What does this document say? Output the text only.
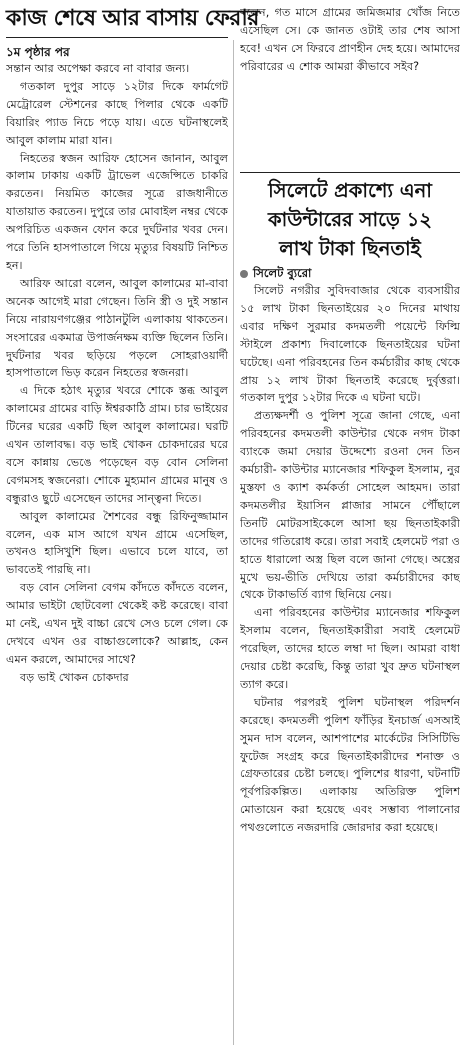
কাজ শেষে আর বাসায় ফেরার
১ম পৃষ্ঠার পর

সন্তান আর অপেক্ষা করবে না বাবার জন্য।

গতকাল দুপুর সাড়ে ১২টার দিকে ফার্মগেট মেট্রোরেল স্টেশনের কাছে পিলার থেকে একটি বিয়ারিং প্যাড নিচে পড়ে যায়। এতে ঘটনাস্থলেই আবুল কালাম মারা যান।

নিহতের স্বজন আরিফ হোসেন জানান, আবুল কালাম ঢাকায় একটি ট্রাভেল এজেন্সিতে চাকরি করতেন। নিয়মিত কাজের সূত্রে রাজধানীতে যাতায়াত করতেন। দুপুরে তার মোবাইল নম্বর থেকে অপরিচিত একজন ফোন করে দুর্ঘটনার খবর দেন। পরে তিনি হাসপাতালে গিয়ে মৃত্যুর বিষয়টি নিশ্চিত হন।

আরিফ আরো বলেন, আবুল কালামের মা-বাবা অনেক আগেই মারা গেছেন। তিনি স্ত্রী ও দুই সন্তান নিয়ে নারায়ণগঞ্জের পাঠানটুলি এলাকায় থাকতেন। সংসারের একমাত্র উপার্জনক্ষম ব্যক্তি ছিলেন তিনি। দুর্ঘটনার খবর ছড়িয়ে পড়লে সোহরাওয়ার্দী হাসপাতালে ভিড় করেন নিহতের স্বজনরা।

এ দিকে হঠাৎ মৃত্যুর খবরে শোকে স্তব্ধ আবুল কালামের গ্রামের বাড়ি ঈশ্বরকাঠি গ্রাম। চার ভাইয়ের টিনের ঘরের একটি ছিল আবুল কালামের। ঘরটি এখন তালাবদ্ধ। বড় ভাই খোকন চোকদারের ঘরে বসে কান্নায় ভেঙে পড়েছেন বড় বোন সেলিনা বেগমসহ স্বজনেরা। শোকে মুহ্যমান গ্রামের মানুষ ও বন্ধুরাও ছুটে এসেছেন তাদের সান্ত্বনা দিতে।

আবুল কালামের শৈশবের বন্ধু রিফিনুজ্জামান বলেন, এক মাস আগে যখন গ্রামে এসেছিল, তখনও হাসিখুশি ছিল। এভাবে চলে যাবে, তা ভাবতেই পারছি না।

বড় বোন সেলিনা বেগম কাঁদতে কাঁদতে বলেন, আমার ভাইটা ছোটবেলা থেকেই কষ্ট করেছে। বাবা মা নেই, এখন দুই বাচ্চা রেখে সেও চলে গেল। কে দেখবে এখন ওর বাচ্চাগুলোকে? আল্লাহ, কেন এমন করলে, আমাদের সাথে?

বড় ভাই খোকন চোকদার

বলেন, গত মাসে গ্রামের জমিজমার খোঁজ নিতে এসেছিল সে। কে জানত ওটাই তার শেষ আসা হবে! এখন সে ফিরবে প্রাণহীন দেহ হয়ে। আমাদের পরিবারের এ শোক আমরা কীভাবে সইব?

সিলেটে প্রকাশ্যে এনা
কাউন্টারের সাড়ে ১২
লাখ টাকা ছিনতাই
সিলেট ব্যুরো

সিলেট নগরীর সুবিদবাজার থেকে ব্যবসায়ীর ১৫ লাখ টাকা ছিনতাইয়ের ২০ দিনের মাথায় এবার দক্ষিণ সুরমার কদমতলী পয়েন্টে ফিল্মি স্টাইলে প্রকাশ্য দিবালোকে ছিনতাইয়ের ঘটনা ঘটেছে। এনা পরিবহনের তিন কর্মচারীর কাছ থেকে প্রায় ১২ লাখ টাকা ছিনতাই করেছে দুর্বৃত্তরা। গতকাল দুপুর ১২টার দিকে এ ঘটনা ঘটে।

প্রত্যক্ষদর্শী ও পুলিশ সূত্রে জানা গেছে, এনা পরিবহনের কদমতলী কাউন্টার থেকে নগদ টাকা ব্যাংকে জমা দেয়ার উদ্দেশ্যে রওনা দেন তিন কর্মচারী- কাউন্টার ম্যানেজার শফিকুল ইসলাম, নুর মুস্তফা ও ক্যাশ কর্মকর্তা সোহেল আহমদ। তারা কদমতলীর ইয়াসিন প্লাজার সামনে পৌঁছালে তিনটি মোটরসাইকেলে আসা ছয় ছিনতাইকারী তাদের গতিরোধ করে। তারা সবাই হেলমেট পরা ও হাতে ধারালো অস্ত্র ছিল বলে জানা গেছে। অস্ত্রের মুখে ভয়-ভীতি দেখিয়ে তারা কর্মচারীদের কাছ থেকে টাকাভর্তি ব্যাগ ছিনিয়ে নেয়।

এনা পরিবহনের কাউন্টার ম্যানেজার শফিকুল ইসলাম বলেন, ছিনতাইকারীরা সবাই হেলমেট পরেছিল, তাদের হাতে লম্বা দা ছিল। আমরা বাধা দেয়ার চেষ্টা করেছি, কিন্তু তারা খুব দ্রুত ঘটনাস্থল ত্যাগ করে।

ঘটনার পরপরই পুলিশ ঘটনাস্থল পরিদর্শন করেছে। কদমতলী পুলিশ ফাঁড়ির ইনচার্জ এসআই সুমন দাস বলেন, আশপাশের মার্কেটের সিসিটিভি ফুটেজ সংগ্রহ করে ছিনতাইকারীদের শনাক্ত ও গ্রেফতারের চেষ্টা চলছে। পুলিশের ধারণা, ঘটনাটি পূর্বপরিকল্পিত। এলাকায় অতিরিক্ত পুলিশ মোতায়েন করা হয়েছে এবং সম্ভাব্য পালানোর পথগুলোতে নজরদারি জোরদার করা হয়েছে।
